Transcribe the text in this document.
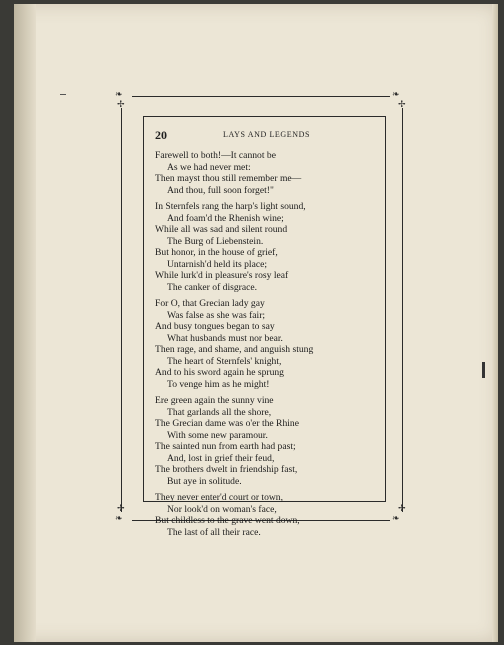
❧	❧
❧	❧
✢	✢
✢	✢
20	LAYS AND LEGENDS
Farewell to both!—It cannot be
As we had never met:
Then mayst thou still remember me—
And thou, full soon forget!"
In Sternfels rang the harp's light sound,
And foam'd the Rhenish wine;
While all was sad and silent round
The Burg of Liebenstein.
But honor, in the house of grief,
Untarnish'd held its place;
While lurk'd in pleasure's rosy leaf
The canker of disgrace.
For O, that Grecian lady gay
Was false as she was fair;
And busy tongues began to say
What husbands must nor bear.
Then rage, and shame, and anguish stung
The heart of Sternfels' knight,
And to his sword again he sprung
To venge him as he might!
Ere green again the sunny vine
That garlands all the shore,
The Grecian dame was o'er the Rhine
With some new paramour.
The sainted nun from earth had past;
And, lost in grief their feud,
The brothers dwelt in friendship fast,
But aye in solitude.
They never enter'd court or town,
Nor look'd on woman's face,
But childless to the grave went down,
The last of all their race.
